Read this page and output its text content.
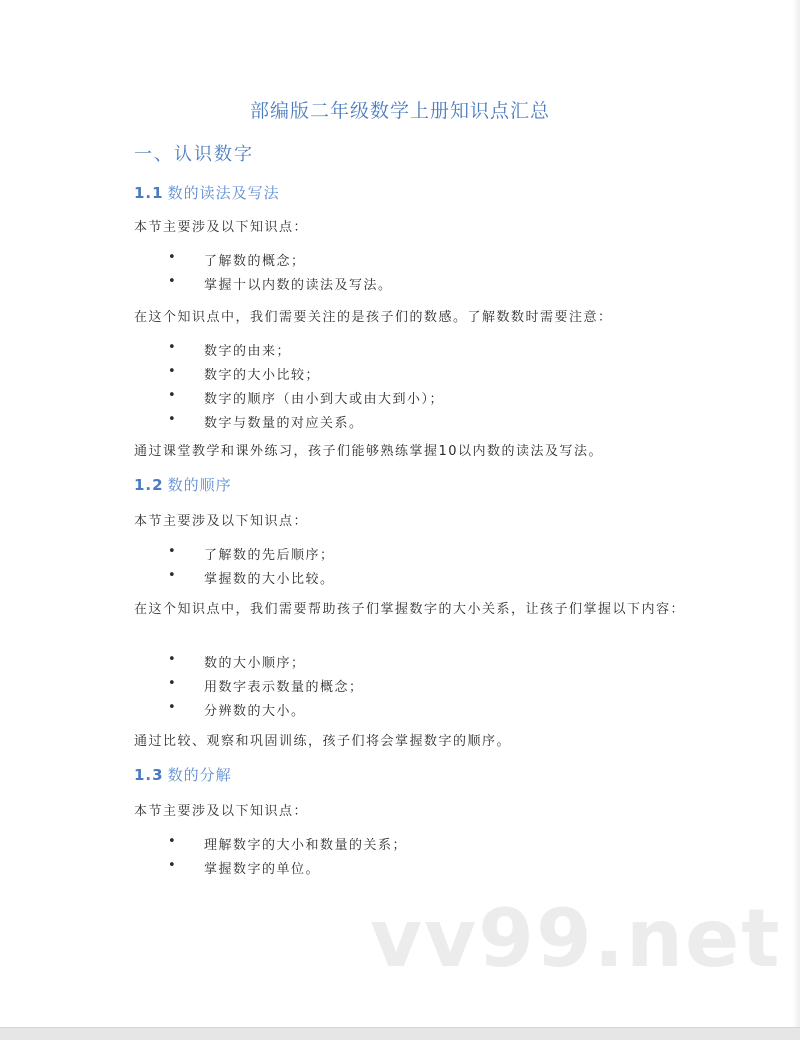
部编版二年级数学上册知识点汇总
一、认识数字
1.1 数的读法及写法
本节主要涉及以下知识点：
• 了解数的概念；
• 掌握十以内数的读法及写法。
在这个知识点中，我们需要关注的是孩子们的数感。了解数数时需要注意：
• 数字的由来；
• 数字的大小比较；
• 数字的顺序（由小到大或由大到小）；
• 数字与数量的对应关系。
通过课堂教学和课外练习，孩子们能够熟练掌握10以内数的读法及写法。
1.2 数的顺序
本节主要涉及以下知识点：
• 了解数的先后顺序；
• 掌握数的大小比较。
在这个知识点中，我们需要帮助孩子们掌握数字的大小关系，让孩子们掌握以下内容：
• 数的大小顺序；
• 用数字表示数量的概念；
• 分辨数的大小。
通过比较、观察和巩固训练，孩子们将会掌握数字的顺序。
1.3 数的分解
本节主要涉及以下知识点：
• 理解数字的大小和数量的关系；
• 掌握数字的单位。
vv99.net
